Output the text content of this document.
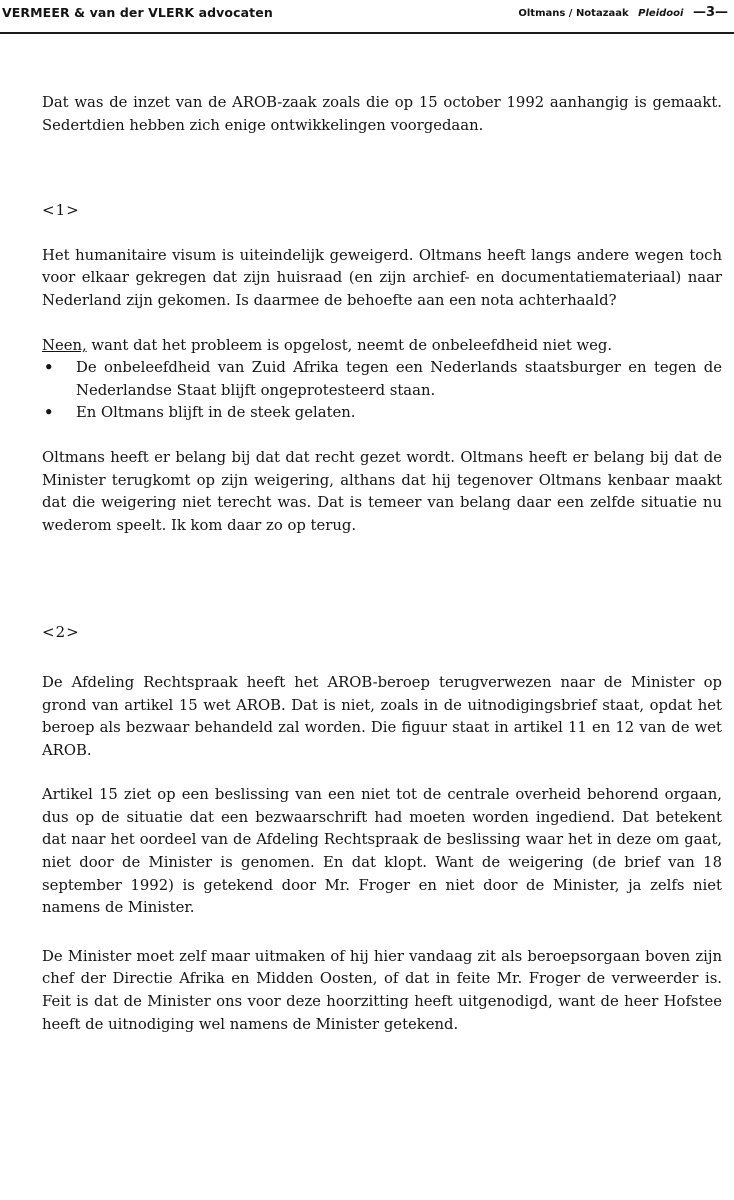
VERMEER & van der VLERK advocaten	Oltmans / Notazaak Pleidooi —3—

Dat was de inzet van de AROB-zaak zoals die op 15 october 1992 aanhangig is gemaakt. Sedertdien hebben zich enige ontwikkelingen voorgedaan.

<1>

Het humanitaire visum is uiteindelijk geweigerd. Oltmans heeft langs andere wegen toch voor elkaar gekregen dat zijn huisraad (en zijn archief- en documentatiemateriaal) naar Nederland zijn gekomen. Is daarmee de behoefte aan een nota achterhaald?

Neen, want dat het probleem is opgelost, neemt de onbeleefdheid niet weg.

• De onbeleefdheid van Zuid Afrika tegen een Nederlands staatsburger en tegen de Nederlandse Staat blijft ongeprotesteerd staan.
• En Oltmans blijft in de steek gelaten.

Oltmans heeft er belang bij dat dat recht gezet wordt. Oltmans heeft er belang bij dat de Minister terugkomt op zijn weigering, althans dat hij tegenover Oltmans kenbaar maakt dat die weigering niet terecht was. Dat is temeer van belang daar een zelfde situatie nu wederom speelt. Ik kom daar zo op terug.

<2>

De Afdeling Rechtspraak heeft het AROB-beroep terugverwezen naar de Minister op grond van artikel 15 wet AROB. Dat is niet, zoals in de uitnodigingsbrief staat, opdat het beroep als bezwaar behandeld zal worden. Die figuur staat in artikel 11 en 12 van de wet AROB.

Artikel 15 ziet op een beslissing van een niet tot de centrale overheid behorend orgaan, dus op de situatie dat een bezwaarschrift had moeten worden ingediend. Dat betekent dat naar het oordeel van de Afdeling Rechtspraak de beslissing waar het in deze om gaat, niet door de Minister is genomen. En dat klopt. Want de weigering (de brief van 18 september 1992) is getekend door Mr. Froger en niet door de Minister, ja zelfs niet namens de Minister.

De Minister moet zelf maar uitmaken of hij hier vandaag zit als beroepsorgaan boven zijn chef der Directie Afrika en Midden Oosten, of dat in feite Mr. Froger de verweerder is. Feit is dat de Minister ons voor deze hoorzitting heeft uitgenodigd, want de heer Hofstee heeft de uitnodiging wel namens de Minister getekend.
